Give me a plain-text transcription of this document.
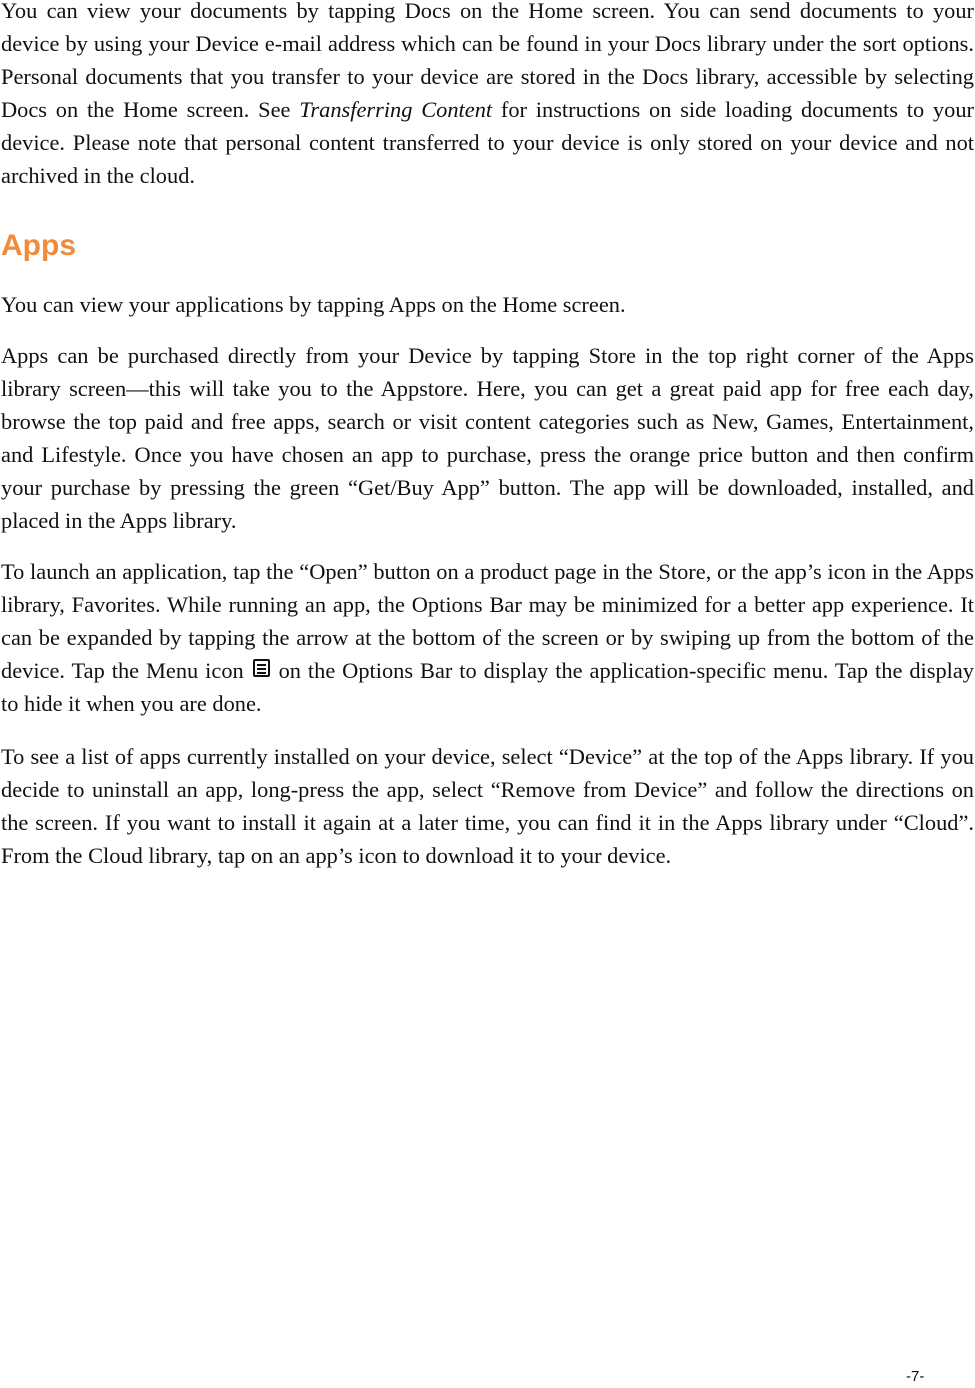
You can view your documents by tapping Docs on the Home screen. You can send documents to your device by using your Device e-mail address which can be found in your Docs library under the sort options. Personal documents that you transfer to your device are stored in the Docs library, accessible by selecting Docs on the Home screen. See Transferring Content for instructions on side loading documents to your device. Please note that personal content transferred to your device is only stored on your device and not archived in the cloud.

Apps

You can view your applications by tapping Apps on the Home screen.

Apps can be purchased directly from your Device by tapping Store in the top right corner of the Apps library screen—this will take you to the Appstore. Here, you can get a great paid app for free each day, browse the top paid and free apps, search or visit content categories such as New, Games, Entertainment, and Lifestyle. Once you have chosen an app to purchase, press the orange price button and then confirm your purchase by pressing the green “Get/Buy App” button. The app will be downloaded, installed, and placed in the Apps library.

To launch an application, tap the “Open” button on a product page in the Store, or the app’s icon in the Apps library, Favorites. While running an app, the Options Bar may be minimized for a better app experience. It can be expanded by tapping the arrow at the bottom of the screen or by swiping up from the bottom of the device. Tap the Menu icon  on the Options Bar to display the application-specific menu. Tap the display to hide it when you are done.

To see a list of apps currently installed on your device, select “Device” at the top of the Apps library. If you decide to uninstall an app, long-press the app, select “Remove from Device” and follow the directions on the screen. If you want to install it again at a later time, you can find it in the Apps library under “Cloud”. From the Cloud library, tap on an app’s icon to download it to your device.

-7-
